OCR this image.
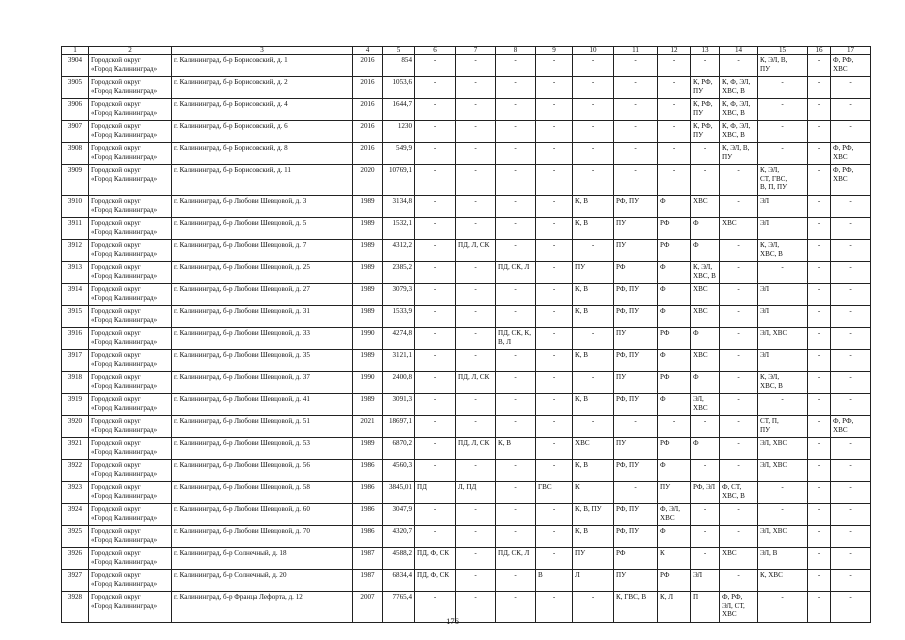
1	2	3	4	5	6	7	8	9	10	11	12	13	14	15	16	17
3904	Городской округ
«Город Калининград»	г. Калининград, б-р Борисовский, д. 1	2016	854	-	-	-	-	-	-	-	-	-	К, ЭЛ, В,
ПУ	-	Ф, РФ,
ХВС
3905	Городской округ
«Город Калининград»	г. Калининград, б-р Борисовский, д. 2	2016	1053,6	-	-	-	-	-	-	-	К, РФ,
ПУ	К, Ф, ЭЛ,
ХВС, В	-	-	-
3906	Городской округ
«Город Калининград»	г. Калининград, б-р Борисовский, д. 4	2016	1644,7	-	-	-	-	-	-	-	К, РФ,
ПУ	К, Ф, ЭЛ,
ХВС, В	-	-	-
3907	Городской округ
«Город Калининград»	г. Калининград, б-р Борисовский, д. 6	2016	1230	-	-	-	-	-	-	-	К, РФ,
ПУ	К, Ф, ЭЛ,
ХВС, В	-	-	-
3908	Городской округ
«Город Калининград»	г. Калининград, б-р Борисовский, д. 8	2016	549,9	-	-	-	-	-	-	-	-	К, ЭЛ, В,
ПУ	-	-	Ф, РФ,
ХВС
3909	Городской округ
«Город Калининград»	г. Калининград, б-р Борисовский, д. 11	2020	10769,1	-	-	-	-	-	-	-	-	-	К, ЭЛ,
СТ, ГВС,
В, П, ПУ	-	Ф, РФ,
ХВС
3910	Городской округ
«Город Калининград»	г. Калининград, б-р Любови Шевцовой, д. 3	1989	3134,8	-	-	-	-	К, В	РФ, ПУ	Ф	ХВС	-	ЭЛ	-	-
3911	Городской округ
«Город Калининград»	г. Калининград, б-р Любови Шевцовой, д. 5	1989	1532,1	-	-	-	-	К, В	ПУ	РФ	Ф	ХВС	ЭЛ	-	-
3912	Городской округ
«Город Калининград»	г. Калининград, б-р Любови Шевцовой, д. 7	1989	4312,2	-	ПД, Л, СК	-	-	-	ПУ	РФ	Ф	-	К, ЭЛ,
ХВС, В	-	-
3913	Городской округ
«Город Калининград»	г. Калининград, б-р Любови Шевцовой, д. 25	1989	2385,2	-	-	ПД, СК, Л	-	ПУ	РФ	Ф	К, ЭЛ,
ХВС, В	-	-	-	-
3914	Городской округ
«Город Калининград»	г. Калининград, б-р Любови Шевцовой, д. 27	1989	3079,3	-	-	-	-	К, В	РФ, ПУ	Ф	ХВС	-	ЭЛ	-	-
3915	Городской округ
«Город Калининград»	г. Калининград, б-р Любови Шевцовой, д. 31	1989	1533,9	-	-	-	-	К, В	РФ, ПУ	Ф	ХВС	-	ЭЛ	-	-
3916	Городской округ
«Город Калининград»	г. Калининград, б-р Любови Шевцовой, д. 33	1990	4274,8	-	-	ПД, СК, К,
В, Л	-	-	ПУ	РФ	Ф	-	ЭЛ, ХВС	-	-
3917	Городской округ
«Город Калининград»	г. Калининград, б-р Любови Шевцовой, д. 35	1989	3121,1	-	-	-	-	К, В	РФ, ПУ	Ф	ХВС	-	ЭЛ	-	-
3918	Городской округ
«Город Калининград»	г. Калининград, б-р Любови Шевцовой, д. 37	1990	2400,8	-	ПД, Л, СК	-	-	-	ПУ	РФ	Ф	-	К, ЭЛ,
ХВС, В	-	-
3919	Городской округ
«Город Калининград»	г. Калининград, б-р Любови Шевцовой, д. 41	1989	3091,3	-	-	-	-	К, В	РФ, ПУ	Ф	ЭЛ, ХВС	-	-	-	-
3920	Городской округ
«Город Калининград»	г. Калининград, б-р Любови Шевцовой, д. 51	2021	18697,1	-	-	-	-	-	-	-	-	-	СТ, П,
ПУ	-	Ф, РФ,
ХВС
3921	Городской округ
«Город Калининград»	г. Калининград, б-р Любови Шевцовой, д. 53	1989	6870,2	-	ПД, Л, СК	К, В	-	ХВС	ПУ	РФ	Ф	-	ЭЛ, ХВС	-	-
3922	Городской округ
«Город Калининград»	г. Калининград, б-р Любови Шевцовой, д. 56	1986	4560,3	-	-	-	-	К, В	РФ, ПУ	Ф	-	-	ЭЛ, ХВС	-	-
3923	Городской округ
«Город Калининград»	г. Калининград, б-р Любови Шевцовой, д. 58	1986	3845,01	ПД	Л, ПД	-	ГВС	К	-	ПУ	РФ, ЭЛ	Ф, СТ,
ХВС, В	-	-	-
3924	Городской округ
«Город Калининград»	г. Калининград, б-р Любови Шевцовой, д. 60	1986	3047,9	-	-	-	-	К, В, ПУ	РФ, ПУ	Ф, ЭЛ,
ХВС	-	-	-	-	-
3925	Городской округ
«Город Калининград»	г. Калининград, б-р Любови Шевцовой, д. 70	1986	4320,7	-	-	-	-	К, В	РФ, ПУ	Ф	-	-	ЭЛ, ХВС	-	-
3926	Городской округ
«Город Калининград»	г. Калининград, б-р Солнечный, д. 18	1987	4588,2	ПД, Ф, СК	-	ПД, СК, Л	-	ПУ	РФ	К	-	ХВС	ЭЛ, В	-	-
3927	Городской округ
«Город Калининград»	г. Калининград, б-р Солнечный, д. 20	1987	6834,4	ПД, Ф, СК	-	-	В	Л	ПУ	РФ	ЭЛ	-	К, ХВС	-	-
3928	Городской округ
«Город Калининград»	г. Калининград, б-р Франца Лефорта, д. 12	2007	7765,4	-	-	-	-	-	К, ГВС, В	К, Л	П	Ф, РФ,
ЭЛ, СТ,
ХВС	-	-	-
176
